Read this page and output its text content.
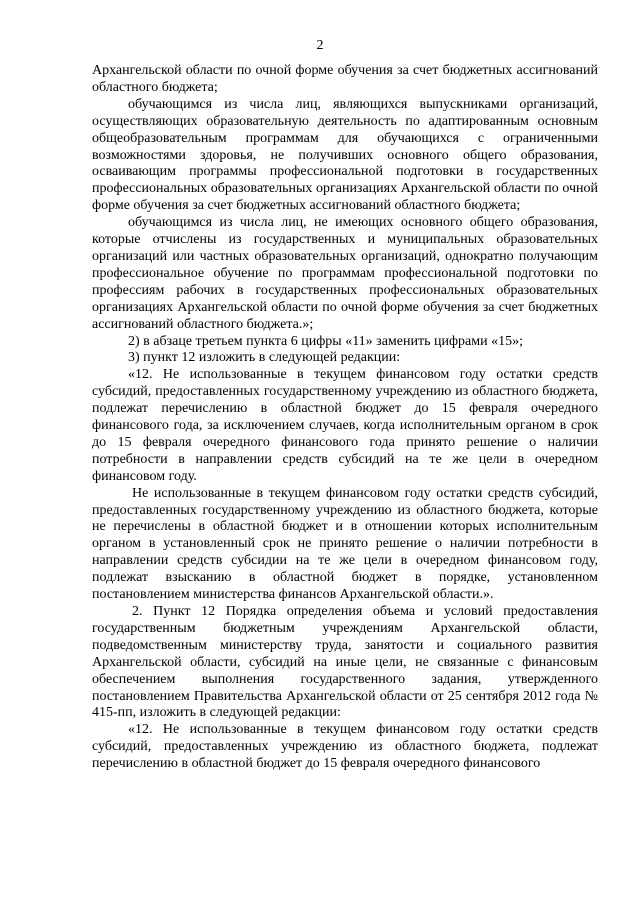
2

Архангельской области по очной форме обучения за счет бюджетных ассигнований областного бюджета;

обучающимся из числа лиц, являющихся выпускниками организаций, осуществляющих образовательную деятельность по адаптированным основным общеобразовательным программам для обучающихся с ограниченными возможностями здоровья, не получивших основного общего образования, осваивающим программы профессиональной подготовки в государственных профессиональных образовательных организациях Архангельской области по очной форме обучения за счет бюджетных ассигнований областного бюджета;

обучающимся из числа лиц, не имеющих основного общего образования, которые отчислены из государственных и муниципальных образовательных организаций или частных образовательных организаций, однократно получающим профессиональное обучение по программам профессиональной подготовки по профессиям рабочих в государственных профессиональных образовательных организациях Архангельской области по очной форме обучения за счет бюджетных ассигнований областного бюджета.»;

2) в абзаце третьем пункта 6 цифры «11» заменить цифрами «15»;

3) пункт 12 изложить в следующей редакции:

«12. Не использованные в текущем финансовом году остатки средств субсидий, предоставленных государственному учреждению из областного бюджета, подлежат перечислению в областной бюджет до 15 февраля очередного финансового года, за исключением случаев, когда исполнительным органом в срок до 15 февраля очередного финансового года принято решение о наличии потребности в направлении средств субсидий на те же цели в очередном финансовом году.

Не использованные в текущем финансовом году остатки средств субсидий, предоставленных государственному учреждению из областного бюджета, которые не перечислены в областной бюджет и в отношении которых исполнительным органом в установленный срок не принято решение о наличии потребности в направлении средств субсидии на те же цели в очередном финансовом году, подлежат взысканию в областной бюджет в порядке, установленном постановлением министерства финансов Архангельской области.».

2. Пункт 12 Порядка определения объема и условий предоставления государственным бюджетным учреждениям Архангельской области, подведомственным министерству труда, занятости и социального развития Архангельской области, субсидий на иные цели, не связанные с финансовым обеспечением выполнения государственного задания, утвержденного постановлением Правительства Архангельской области от 25 сентября 2012 года № 415-пп, изложить в следующей редакции:

«12. Не использованные в текущем финансовом году остатки средств субсидий, предоставленных учреждению из областного бюджета, подлежат перечислению в областной бюджет до 15 февраля очередного финансового
